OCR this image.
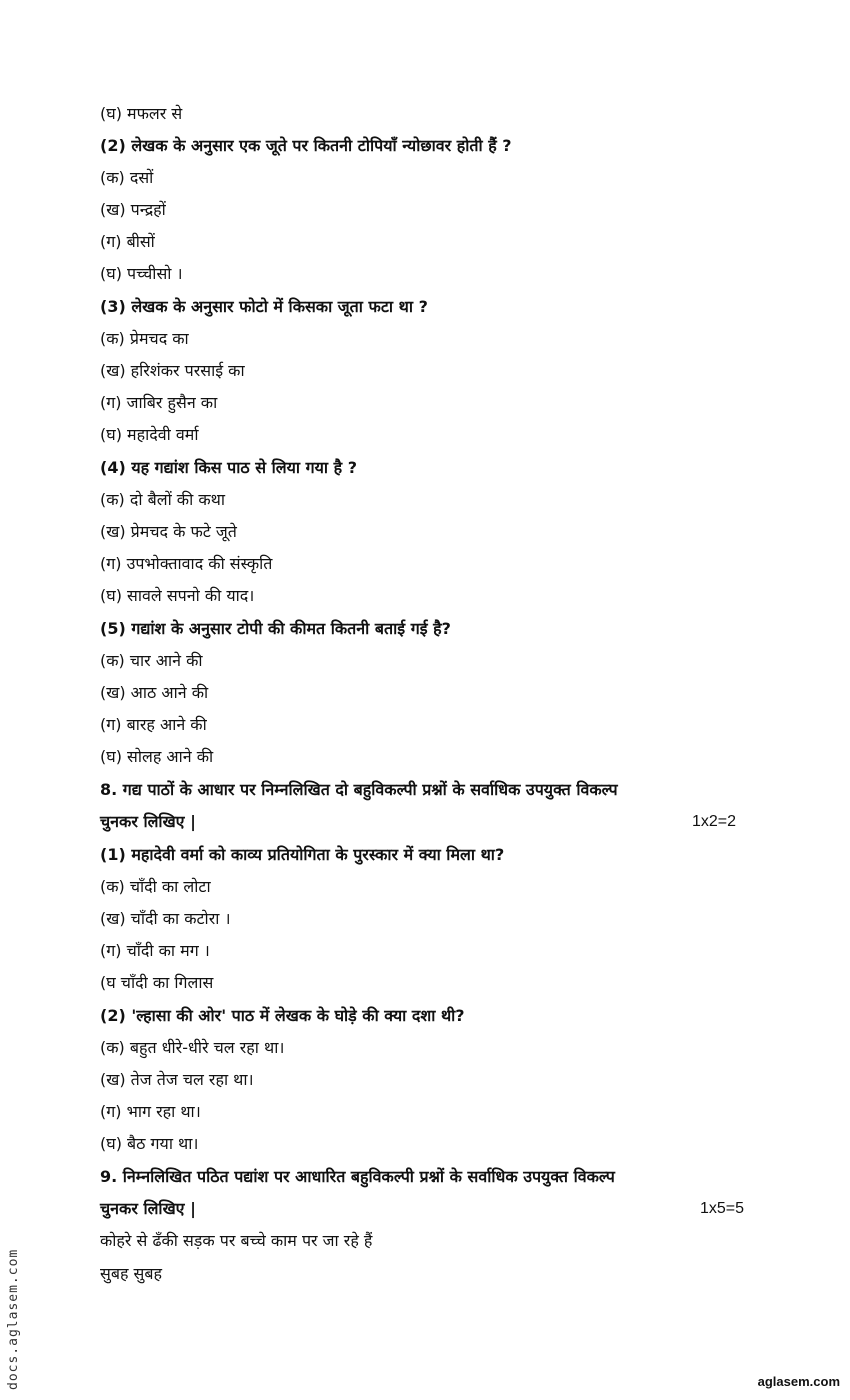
(घ) मफलर से
(2) लेखक के अनुसार एक जूते पर कितनी टोपियाँ न्योछावर होती हैं ?
(क) दसों
(ख) पन्द्रहों
(ग) बीसों
(घ) पच्चीसो ।
(3) लेखक के अनुसार फोटो में किसका जूता फटा था ?
(क) प्रेमचद का
(ख) हरिशंकर परसाई का
(ग) जाबिर हुसैन का
(घ) महादेवी वर्मा
(4) यह गद्यांश किस पाठ से लिया गया है ?
(क) दो बैलों की कथा
(ख) प्रेमचद के फटे जूते
(ग) उपभोक्तावाद की संस्कृति
(घ) सावले सपनो की याद।
(5) गद्यांश के अनुसार टोपी की कीमत कितनी बताई गई है?
(क) चार आने की
(ख) आठ आने की
(ग) बारह आने की
(घ) सोलह आने की
8. गद्य पाठों के आधार पर निम्नलिखित दो बहुविकल्पी प्रश्नों के सर्वाधिक उपयुक्त विकल्प
चुनकर लिखिए |	1x2=2
(1) महादेवी वर्मा को काव्य प्रतियोगिता के पुरस्कार में क्या मिला था?
(क) चाँदी का लोटा
(ख) चाँदी का कटोरा ।
(ग) चाँदी का मग ।
(घ चाँदी का गिलास
(2) 'ल्हासा की ओर' पाठ में लेखक के घोड़े की क्या दशा थी?
(क) बहुत धीरे-धीरे चल रहा था।
(ख) तेज तेज चल रहा था।
(ग) भाग रहा था।
(घ) बैठ गया था।
9. निम्नलिखित पठित पद्यांश पर आधारित बहुविकल्पी प्रश्नों के सर्वाधिक उपयुक्त विकल्प
चुनकर लिखिए |	1x5=5
कोहरे से ढँकी सड़क पर बच्चे काम पर जा रहे हैं
सुबह सुबह
docs.aglasem.com	aglasem.com
